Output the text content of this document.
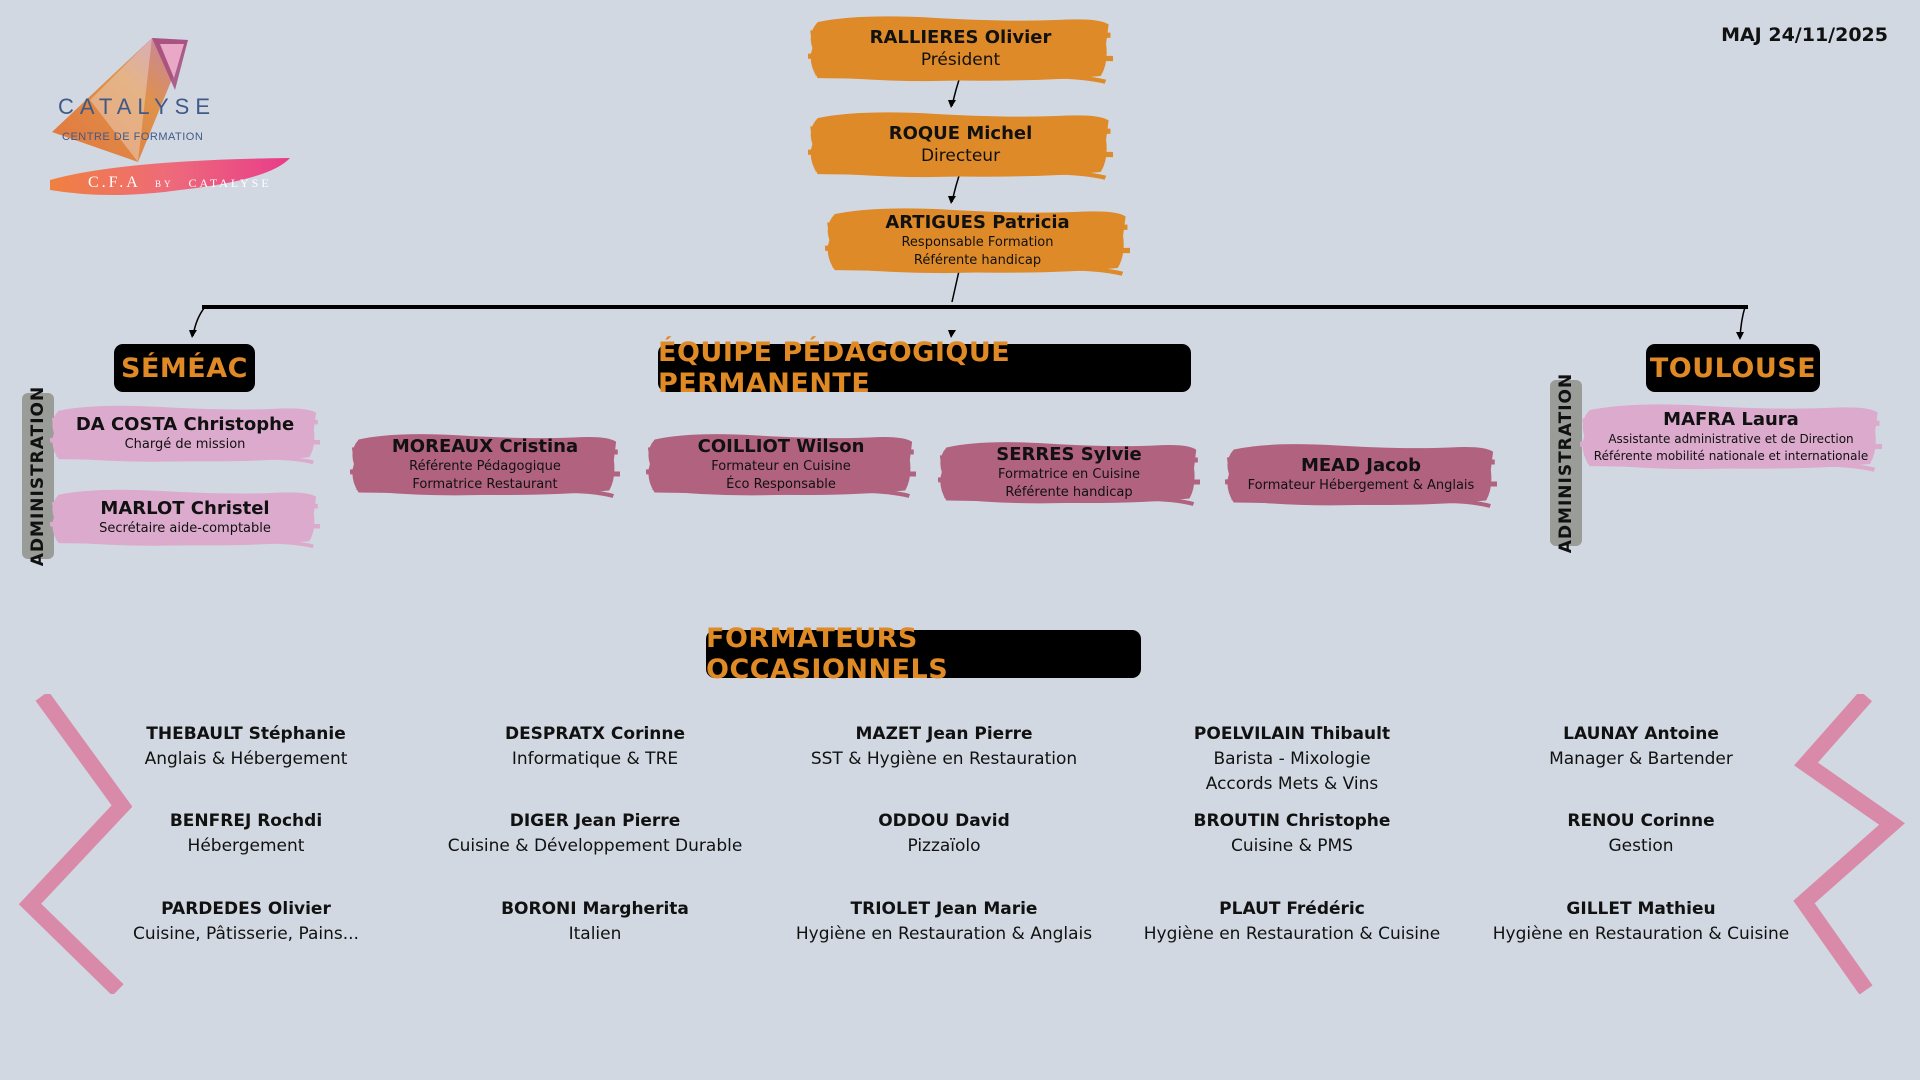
MAJ 24/11/2025
CATALYSE
CENTRE DE FORMATION
C.F.A BY CATALYSE
RALLIERES Olivier
Président
ROQUE Michel
Directeur
ARTIGUES Patricia
Responsable Formation
Référente handicap
SÉMÉAC	ÉQUIPE PÉDAGOGIQUE PERMANENTE	TOULOUSE
FORMATEURS OCCASIONNELS
ADMINISTRATION	ADMINISTRATION
DA COSTA Christophe
Chargé de mission
MARLOT Christel
Secrétaire aide-comptable
MAFRA Laura
Assistante administrative et de Direction
Référente mobilité nationale et internationale
MOREAUX Cristina
Référente Pédagogique
Formatrice Restaurant
COILLIOT Wilson
Formateur en Cuisine
Éco Responsable
SERRES Sylvie
Formatrice en Cuisine
Référente handicap
MEAD Jacob
Formateur Hébergement & Anglais
THEBAULT Stéphanie
Anglais & Hébergement
DESPRATX Corinne
Informatique & TRE
MAZET Jean Pierre
SST & Hygiène en Restauration
POELVILAIN Thibault
Barista - Mixologie
Accords Mets & Vins
LAUNAY Antoine
Manager & Bartender
BENFREJ Rochdi
Hébergement
DIGER Jean Pierre
Cuisine & Développement Durable
ODDOU David
Pizzaïolo
BROUTIN Christophe
Cuisine & PMS
RENOU Corinne
Gestion
PARDEDES Olivier
Cuisine, Pâtisserie, Pains...
BORONI Margherita
Italien
TRIOLET Jean Marie
Hygiène en Restauration & Anglais
PLAUT Frédéric
Hygiène en Restauration & Cuisine
GILLET Mathieu
Hygiène en Restauration & Cuisine
